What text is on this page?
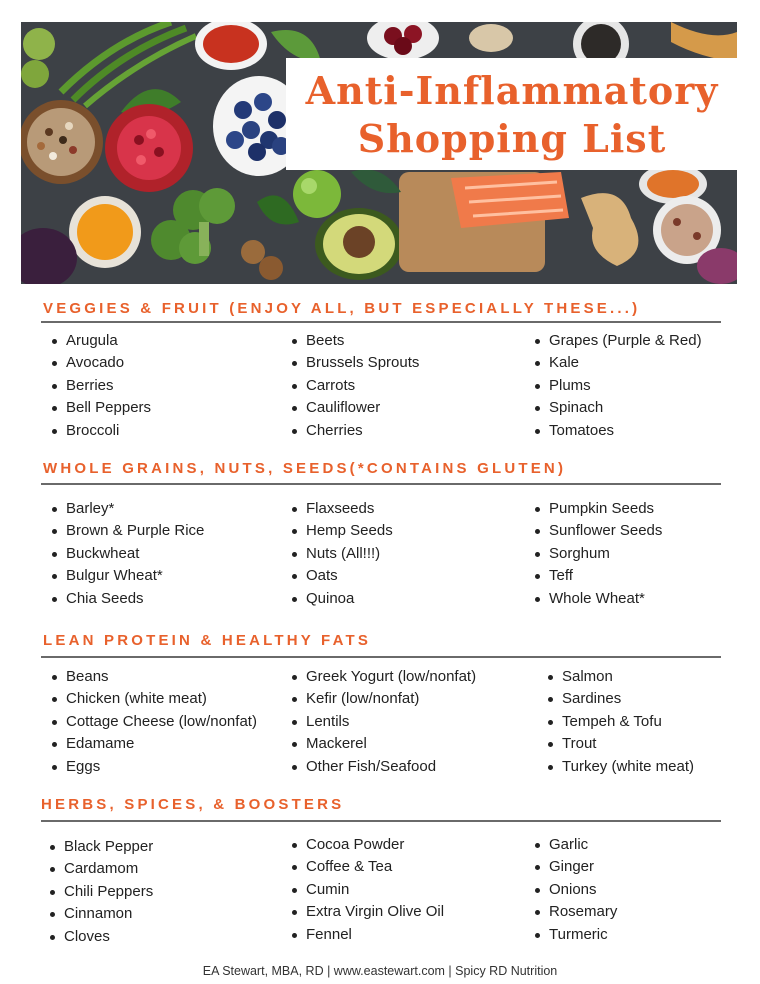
Anti-Inflammatory
Shopping List
VEGGIES & FRUIT (ENJOY ALL, BUT ESPECIALLY THESE...)
Arugula
Avocado
Berries
Bell Peppers
Broccoli
Beets
Brussels Sprouts
Carrots
Cauliflower
Cherries
Grapes (Purple & Red)
Kale
Plums
Spinach
Tomatoes
WHOLE GRAINS, NUTS, SEEDS(*CONTAINS GLUTEN)
Barley*
Brown & Purple Rice
Buckwheat
Bulgur Wheat*
Chia Seeds
Flaxseeds
Hemp Seeds
Nuts (All!!!)
Oats
Quinoa
Pumpkin Seeds
Sunflower Seeds
Sorghum
Teff
Whole Wheat*
LEAN PROTEIN & HEALTHY FATS
Beans
Chicken (white meat)
Cottage Cheese (low/nonfat)
Edamame
Eggs
Greek Yogurt (low/nonfat)
Kefir (low/nonfat)
Lentils
Mackerel
Other Fish/Seafood
Salmon
Sardines
Tempeh & Tofu
Trout
Turkey (white meat)
HERBS, SPICES, & BOOSTERS
Black Pepper
Cardamom
Chili Peppers
Cinnamon
Cloves
Cocoa Powder
Coffee & Tea
Cumin
Extra Virgin Olive Oil
Fennel
Garlic
Ginger
Onions
Rosemary
Turmeric
EA Stewart, MBA, RD | www.eastewart.com | Spicy RD Nutrition
